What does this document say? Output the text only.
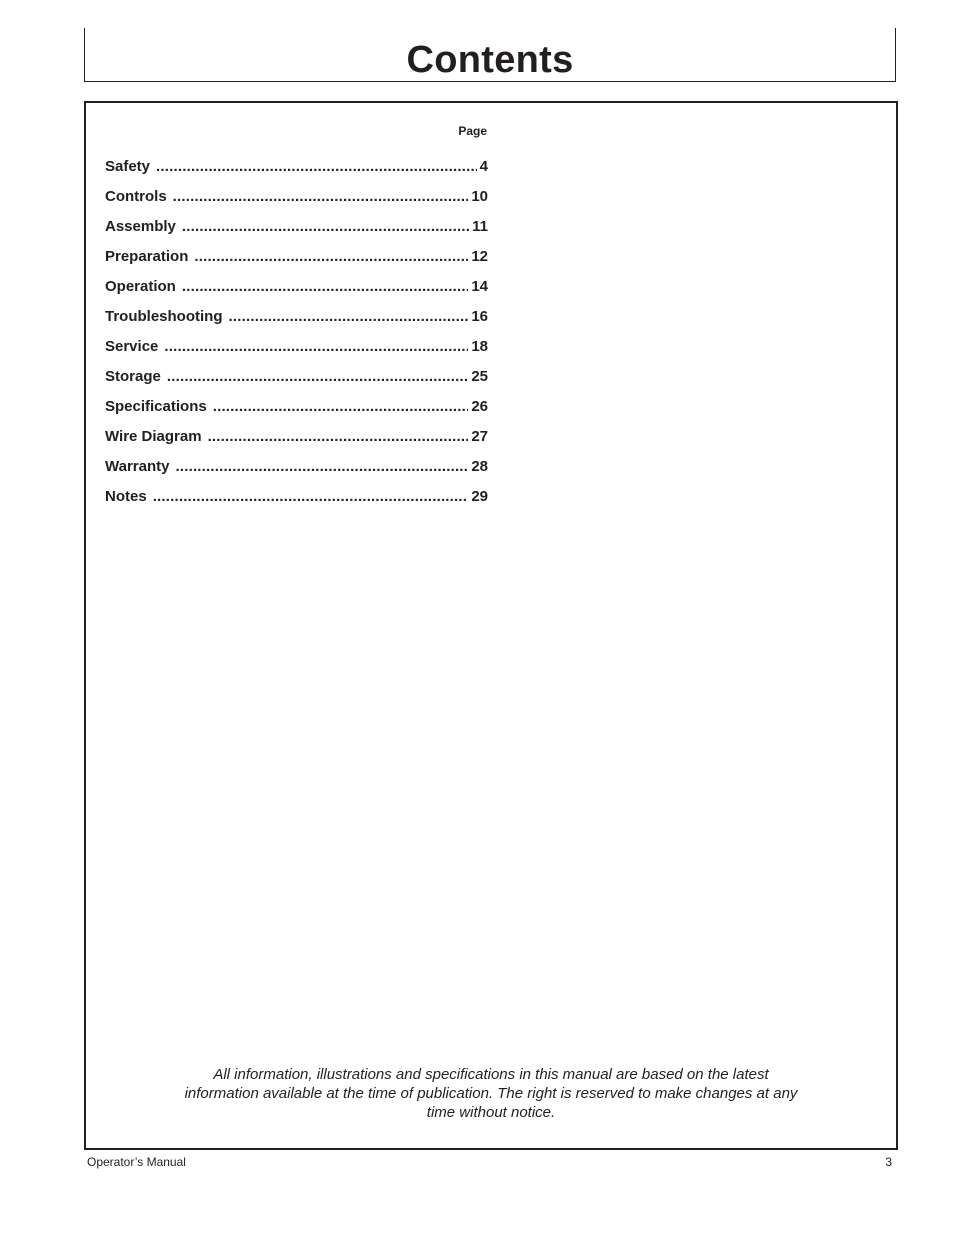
Contents
Page
Safety .....	4
Controls .....	10
Assembly .....	11
Preparation .....	12
Operation .....	14
Troubleshooting .....	16
Service .....	18
Storage .....	25
Specifications .....	26
Wire Diagram .....	27
Warranty .....	28
Notes .....	29
All information, illustrations and specifications in this manual are based on the latest
information available at the time of publication. The right is reserved to make changes at any
time without notice.
Operator’s Manual	3
